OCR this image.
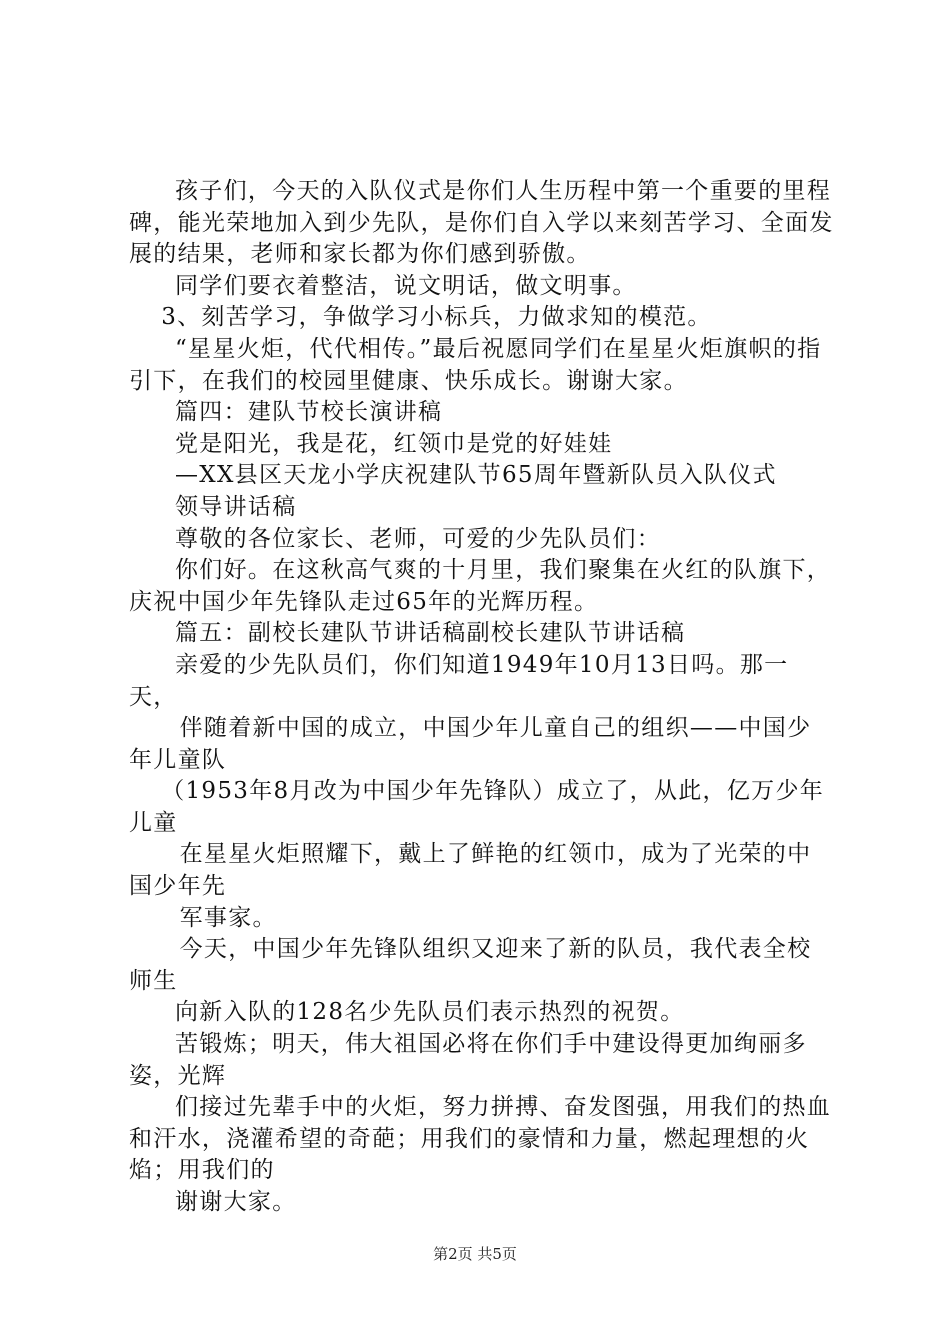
孩子们，今天的入队仪式是你们人生历程中第一个重要的里程碑，能光荣地加入到少先队，是你们自入学以来刻苦学习、全面发展的结果，老师和家长都为你们感到骄傲。

同学们要衣着整洁，说文明话，做文明事。

3、刻苦学习，争做学习小标兵，力做求知的模范。

“星星火炬，代代相传。”最后祝愿同学们在星星火炬旗帜的指引下，在我们的校园里健康、快乐成长。谢谢大家。

篇四：建队节校长演讲稿

党是阳光，我是花，红领巾是党的好娃娃

—XX县区天龙小学庆祝建队节65周年暨新队员入队仪式

领导讲话稿

尊敬的各位家长、老师，可爱的少先队员们：

你们好。在这秋高气爽的十月里，我们聚集在火红的队旗下，庆祝中国少年先锋队走过65年的光辉历程。

篇五：副校长建队节讲话稿副校长建队节讲话稿

亲爱的少先队员们，你们知道1949年10月13日吗。那一天，

伴随着新中国的成立，中国少年儿童自己的组织——中国少年儿童队

（1953年8月改为中国少年先锋队）成立了，从此，亿万少年儿童

在星星火炬照耀下，戴上了鲜艳的红领巾，成为了光荣的中国少年先

军事家。

今天，中国少年先锋队组织又迎来了新的队员，我代表全校师生

向新入队的128名少先队员们表示热烈的祝贺。

苦锻炼；明天，伟大祖国必将在你们手中建设得更加绚丽多姿，光辉

们接过先辈手中的火炬，努力拼搏、奋发图强，用我们的热血和汗水，浇灌希望的奇葩；用我们的豪情和力量，燃起理想的火焰；用我们的

谢谢大家。

第2页 共5页
